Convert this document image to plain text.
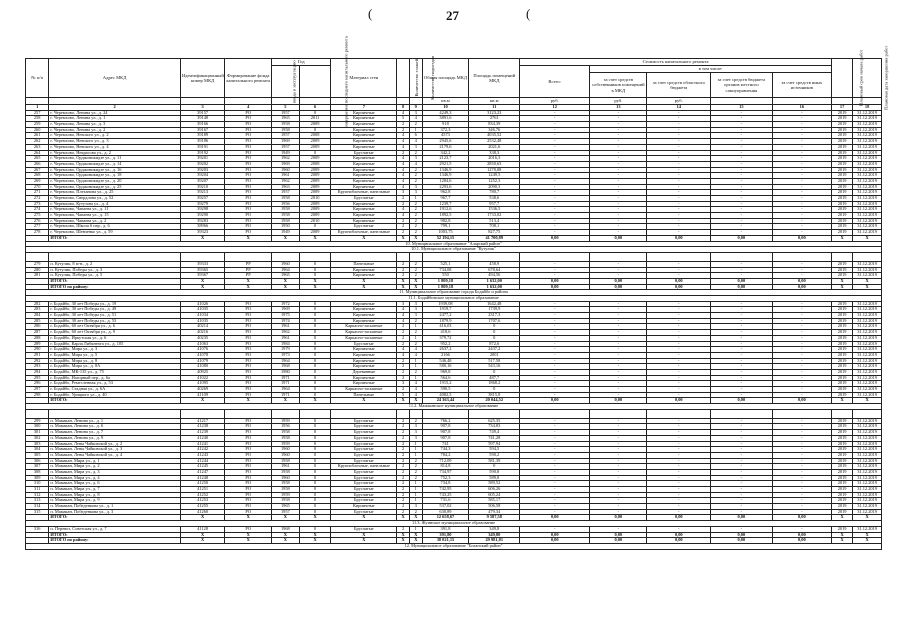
27
(	(
№ п/п	Адрес МКД	Идентификационный номер МКД	Формирование фонда капитального ремонта	Год		Материал стен	Количество этажей	Количество подъездов	Общая площадь МКД	Площадь помещений МКД	Стоимость капитального ремонта					Плановый срок начала работ	Плановая дата завершения работ
				ввода в эксплуатацию	завершения последнего капитального ремонта						Всего:	в том числе:					
												за счет средств собственников помещений в МКД	за счет средств областного бюджета	за счет средств бюджета органов местного самоуправления	за счет средств иных источников		
									кв.м	кв.м	руб.	руб.	руб.				
1	2	3	4	5	6	7	8	9	10	11	12	13	14	15	16	17	18
257	г. Черемхово, Ленина ул., д. 24	39157	РО	1957	0	Кирпичные	4	3	4249,3	3123,23	-	-	-	-	-	2019	31.12.2019
258	г. Черемхово, Ленина ул., д. 1	39148	РО	1965	2011	Кирпичные	5	4	3891,6	2761	-	-	-	-	-	2019	31.12.2019
259	г. Черемхово, Ленина ул., д. 3	39166	РО	1958	2009	Кирпичные	2	2	918	834,39	-	-	-	-	-	2019	31.12.2019
260	г. Черемхово, Ленина ул., д. 2	39167	РО	1958	0	Кирпичные	2	1	372,3	346,76	-	-	-	-	-	2019	31.12.2019
261	г. Черемхово, Невского ул., д. 2	39189	РО	1957	2008	Кирпичные	4	6	4573	4035,52	-	-	-	-	-	2019	31.12.2019
262	г. Черемхово, Невского ул., д. 3	39186	РО	1969	2009	Кирпичные	4	4	2945,6	2532,48	-	-	-	-	-	2019	31.12.2019
263	г. Черемхово, Невского ул., д. 4	39191	РО	1957	2009	Кирпичные	4	3	2179,6	2021,6	-	-	-	-	-	2019	31.12.2019
264	г. Черемхово, Некрасова ул., д. 2	39192	РО	1949	0	Брусчатые	2	2	342,2	338,3	-	-	-	-	-	2019	31.12.2019
265	г. Черемхово, Орджоникидзе ул., д. 11	39201	РО	1962	2009	Кирпичные	4	3	2123,7	2016,3	-	-	-	-	-	2019	31.12.2019
266	г. Черемхово, Орджоникидзе ул., д. 14	39202	РО	1969	2008	Кирпичные	4	4	2921,5	2850,63	-	-	-	-	-	2019	31.12.2019
267	г. Черемхово, Орджоникидзе ул., д. 16	39203	РО	1960	2009	Кирпичные	4	2	1346,9	1270,08	-	-	-	-	-	2019	31.12.2019
268	г. Черемхово, Орджоникидзе ул., д. 18	39204	РО	1961	2009	Кирпичные	4	2	1346,9	1249,5	-	-	-	-	-	2019	31.12.2019
269	г. Черемхово, Орджоникидзе ул., д. 20	39207	РО	1962	2009	Кирпичные	4	2	1284,6	1252,3	-	-	-	-	-	2019	31.12.2019
270	г. Черемхово, Орджоникидзе ул., д. 25	39210	РО	1963	2009	Кирпичные	4	3	2293,6	2090,3	-	-	-	-	-	2019	31.12.2019
271	г. Черемхово, Плеханова ул., д. 25	39213	РО	1957	2009	Крупноблочные, панельные	3	3	962,8	780,7	-	-	-	-	-	2019	31.12.2019
272	г. Черемхово, Свердлова ул., д. 52	39257	РО	1958	2010	Брусчатые	2	1	967,7	538,6	-	-	-	-	-	2019	31.12.2019
273	г. Черемхово, Кутузова ул., д. 4	39279	РО	1956	2009	Кирпичные	2	2	1239,7	957,7	-	-	-	-	-	2019	31.12.2019
274	г. Черемхово, Чапаева ул., д. 11	39298	РО	1958	2009	Кирпичные	4	2	1912,6	1536,5	-	-	-	-	-	2019	31.12.2019
275	г. Черемхово, Чапаева ул., д. 15	39290	РО	1958	2009	Кирпичные	4	2	1892,5	1733,02	-	-	-	-	-	2019	31.12.2019
276	г. Черемхово, Чапаева ул., д. 2	39283	РО	1958	2010	Кирпичные	2	2	982,8	513,4	-	-	-	-	-	2019	31.12.2019
277	г. Черемхово, Школа б пер., д. 6	38966	РО	1950	0	Брусчатые	2	2	799,1	708,1	-	-	-	-	-	2019	31.12.2019
278	г. Черемхово, Шевченко ул., д. 59	39323	РО	1949	2009	Крупноблочные, панельные	2	2	1003,75	827,75	-	-	-	-	-	2019	31.12.2019
	ИТОГО:	X	X	X	X	X	X	X	52 194,15	41 700,89	0,00	0,00	0,00	0,00	0,00	X	X
10. Муниципальное образование "Аларский район"																	
10.1. Муниципальное образование "Кутулик"																	

279	п. Кутулик, 8 м-н., д. 2	39333	РР	1960	0	Панельные	2	2	525,1	458,9	-	-	-	-	-	2019	31.12.2019
280	п. Кутулик, Победы ул., д. 3	39365	РР	1964	0	Кирпичные	2	2	734,08	678,64	-	-	-	-	-	2019	31.12.2019
281	п. Кутулик, Победы ул., д. 5	39367	РР	1965	0	Кирпичные	2	2	550	494,56	-	-	-	-	-	2019	31.12.2019
	ИТОГО:	X	X	X	X	X	X	X	1 809,18	1 632,00	0,00	0,00	0,00	0,00	0,00	X	X
	ИТОГО по району:	X	X	X	X	X	X	X	1 809,18	1 632,00	0,00	0,00	0,00	0,00	0,00	X	X
11. Муниципальное образование города Бодайбо и района																	
11.1. Бодайбинское муниципальное образование																	
282	г. Бодайбо, 30 лет Победы ул., д. 19	41026	РО	1972	0	Кирпичные	3	3	1939,08	1642,48	-	-	-	-	-	2019	31.12.2019
283	г. Бодайбо, 30 лет Победы ул., д. 49	41035	РО	1969	0	Кирпичные	4	3	1919,7	1739,9	-	-	-	-	-	2019	31.12.2019
284	г. Бодайбо, 30 лет Победы ул., д. 51	41034	РО	1975	0	Кирпичные	4	3	2477,2	2317,3	-	-	-	-	-	2019	31.12.2019
285	г. Бодайбо, 30 лет Победы ул., д. 53	41035	РО	1974	0	Кирпичные	4	2	1879,9	1707,6	-	-	-	-	-	2019	31.12.2019
286	г. Бодайбо, 60 лет Октября ул., д. 6	40214	РО	1961	0	Каркасно-засыпные	2	1	416,03	0	-	-	-	-	-	2019	31.12.2019
287	г. Бодайбо, 60 лет Октября ул., д. 9	40216	РО	1962	0	Каркасно-засыпные	2	2	418,6	0	-	-	-	-	-	2019	31.12.2019
288	г. Бодайбо, Иркутская ул., д. 6	40235	РО	1961	0	Каркасно-засыпные	2	1	379,72	0	-	-	-	-	-	2019	31.12.2019
289	г. Бодайбо, Карла Либкнехта ул., д. 105	41063	РО	1984	0	Брусчатые	2	2	952,2	872,6	-	-	-	-	-	2019	31.12.2019
290	г. Бодайбо, Мира ул., д. 3	41076	РО	1979	0	Кирпичные	4	4	2637,2	2437,2	-	-	-	-	-	2019	31.12.2019
291	г. Бодайбо, Мира ул., д. 5	41078	РО	1973	0	Кирпичные	4	4	2166	2001	-	-	-	-	-	2019	31.12.2019
292	г. Бодайбо, Мира ул., д. 8	41079	РО	1964	0	Кирпичные	2	1	546,48	517,58	-	-	-	-	-	2019	31.12.2019
293	г. Бодайбо, Мира ул., д. 8А	41080	РО	1968	0	Кирпичные	2	1	580,16	543,16	-	-	-	-	-	2019	31.12.2019
294	г. Бодайбо, МК-135 ул., д. 75	40925	РО	1980	0	Деревянные	2	2	969,8	0	-	-	-	-	-	2019	31.12.2019
295	г. Бодайбо, Нагорный пер., д. 6а	41022	РО	1971	0	Кирпичные	2	1	564,6	487,7	-	-	-	-	-	2019	31.12.2019
296	г. Бодайбо, Ремесленная ул., д. 53	41095	РО	1971	0	Кирпичные	3	4	1915,2	1868,2	-	-	-	-	-	2019	31.12.2019
297	г. Бодайбо, Стадная ул., д. 6А	40269	РО	1964	0	Каркасно-засыпные	2	4	590,5	0	-	-	-	-	-	2019	31.12.2019
298	г. Бодайбо, Урицкого ул., д. 40	41109	РО	1971	0	Панельные	5	4	4082,5	3815,8	-	-	-	-	-	2019	31.12.2019
	ИТОГО:	X	X	X	X	X	X	X	24 363,44	20 044,52	0,00	0,00	0,00	0,00	0,00	X	X
11.2. Мамаканское муниципальное образование																	

299	п. Мамакан, Ленина ул., д. 1	41217	РО	1959	0	Брусчатые	2	2	766,2	625,35	-	-	-	-	-	2019	31.12.2019
300	п. Мамакан, Ленина ул., д. 6	41238	РО	1956	0	Брусчатые	2	3	907,8	734,83	-	-	-	-	-	2019	31.12.2019
301	п. Мамакан, Ленина ул., д. 7	41239	РО	1958	0	Брусчатые	2	3	907,8	749,4	-	-	-	-	-	2019	31.12.2019
302	п. Мамакан, Ленина ул., д. 9	41240	РО	1958	0	Брусчатые	2	3	907,8	741,28	-	-	-	-	-	2019	31.12.2019
303	п. Мамакан, Лены Чайковской ул., д. 2	41241	РО	1959	0	Брусчатые	2	1	741	597,94	-	-	-	-	-	2019	31.12.2019
304	п. Мамакан, Лены Чайковской ул., д. 3	41242	РО	1960	0	Брусчатые	2	1	744,3	594,5	-	-	-	-	-	2019	31.12.2019
305	п. Мамакан, Лены Чайковской ул., д. 4	41243	РО	1960	0	Брусчатые	2	1	784,2	590,2	-	-	-	-	-	2019	31.12.2019
306	п. Мамакан, Мира ул., д. 1	41244	РО	1958	0	Брусчатые	2	2	712,09	581,39	-	-	-	-	-	2019	31.12.2019
307	п. Мамакан, Мира ул., д. 2	41245	РО	1961	0	Крупноблочные, панельные	2	2	814,8	0	-	-	-	-	-	2019	31.12.2019
308	п. Мамакан, Мира ул., д. 3	41247	РО	1958	0	Брусчатые	2	2	734,97	590,8	-	-	-	-	-	2019	31.12.2019
309	п. Мамакан, Мира ул., д. 4	41248	РО	1960	0	Брусчатые	2	2	752,3	589,8	-	-	-	-	-	2019	31.12.2019
310	п. Мамакан, Мира ул., д. 6	41250	РО	1958	0	Брусчатые	2	1	734,8	589,52	-	-	-	-	-	2019	31.12.2019
311	п. Мамакан, Мира ул., д. 7	41251	РО	1958	0	Брусчатые	2	1	742,95	606,26	-	-	-	-	-	2019	31.12.2019
312	п. Мамакан, Мира ул., д. 8	41252	РО	1959	0	Брусчатые	2	1	743,25	605,24	-	-	-	-	-	2019	31.12.2019
313	п. Мамакан, Мира ул., д. 9	41253	РО	1958	0	Брусчатые	2	1	731,6	585,17	-	-	-	-	-	2019	31.12.2019
314	п. Мамакан, Победенкова ул., д. 1	41255	РО	1965	0	Кирпичные	2	3	537,02	506,58	-	-	-	-	-	2019	31.12.2019
315	п. Мамакан, Победенкова ул., д. 3	41260	РО	1957	0	Брусчатые	2	2	630,89	479,34	-	-	-	-	-	2019	31.12.2019
	ИТОГО:	X	X	X	X	X	X	X	12 658,67	9 587,58	0,00	0,00	0,00	0,00	0,00	X	X
11.3. Жуинское муниципальное образование																	
316	п. Перевоз, Советская ул., д. 7	41128	РО	1968	0	Брусчатые	2	1	391,8	349,8	-	-	-	-	-	2019	31.12.2019
	ИТОГО:	X	X	X	X	X	X	X	391,80	349,80	0,00	0,00	0,00	0,00	0,00	X	X
	ИТОГО по району:	X	X	X	X	X	X	X	38 021,15	29 981,81	0,00	0,00	0,00	0,00	0,00	X	X
12. Муниципальное образование "Боханский район"																	
